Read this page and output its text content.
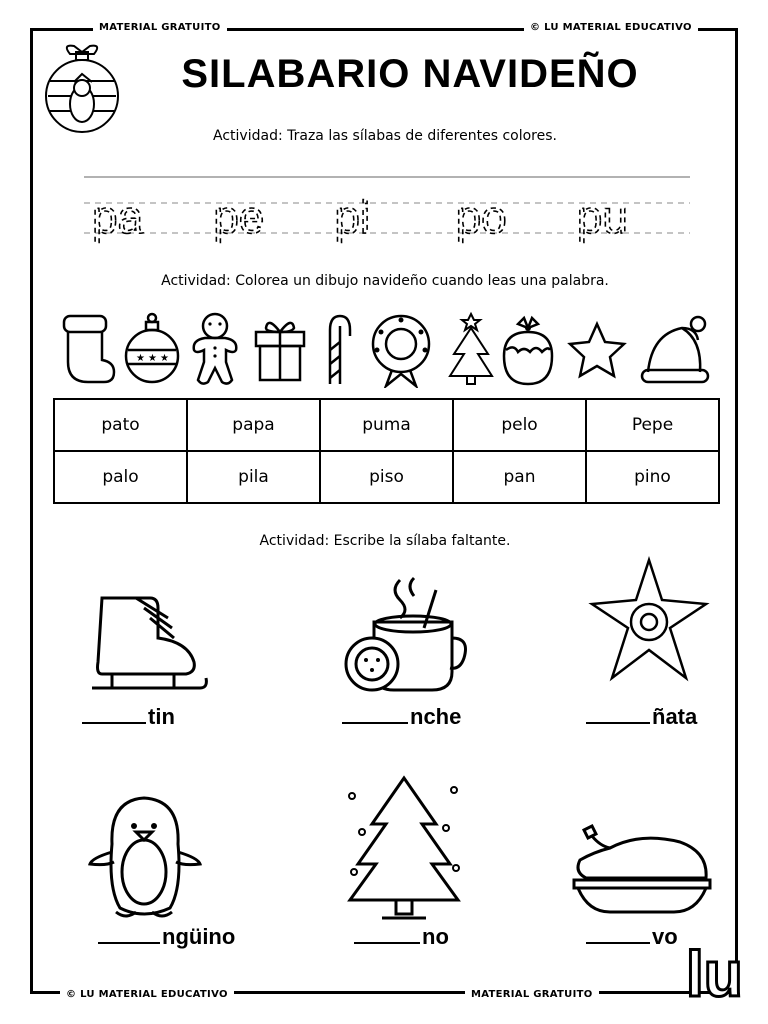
MATERIAL GRATUITO	© LU MATERIAL EDUCATIVO
© LU MATERIAL EDUCATIVO	MATERIAL GRATUITO
SILABARIO NAVIDEÑO
Actividad: Traza las sílabas de diferentes colores.
pa pe pi po pu
Actividad: Colorea un dibujo navideño cuando leas una palabra.
★ ★ ★
pato	papa	puma	pelo	Pepe
palo	pila	piso	pan	pino
Actividad: Escribe la sílaba faltante.
tin	nche	ñata
ngüino	no	vo
lu
